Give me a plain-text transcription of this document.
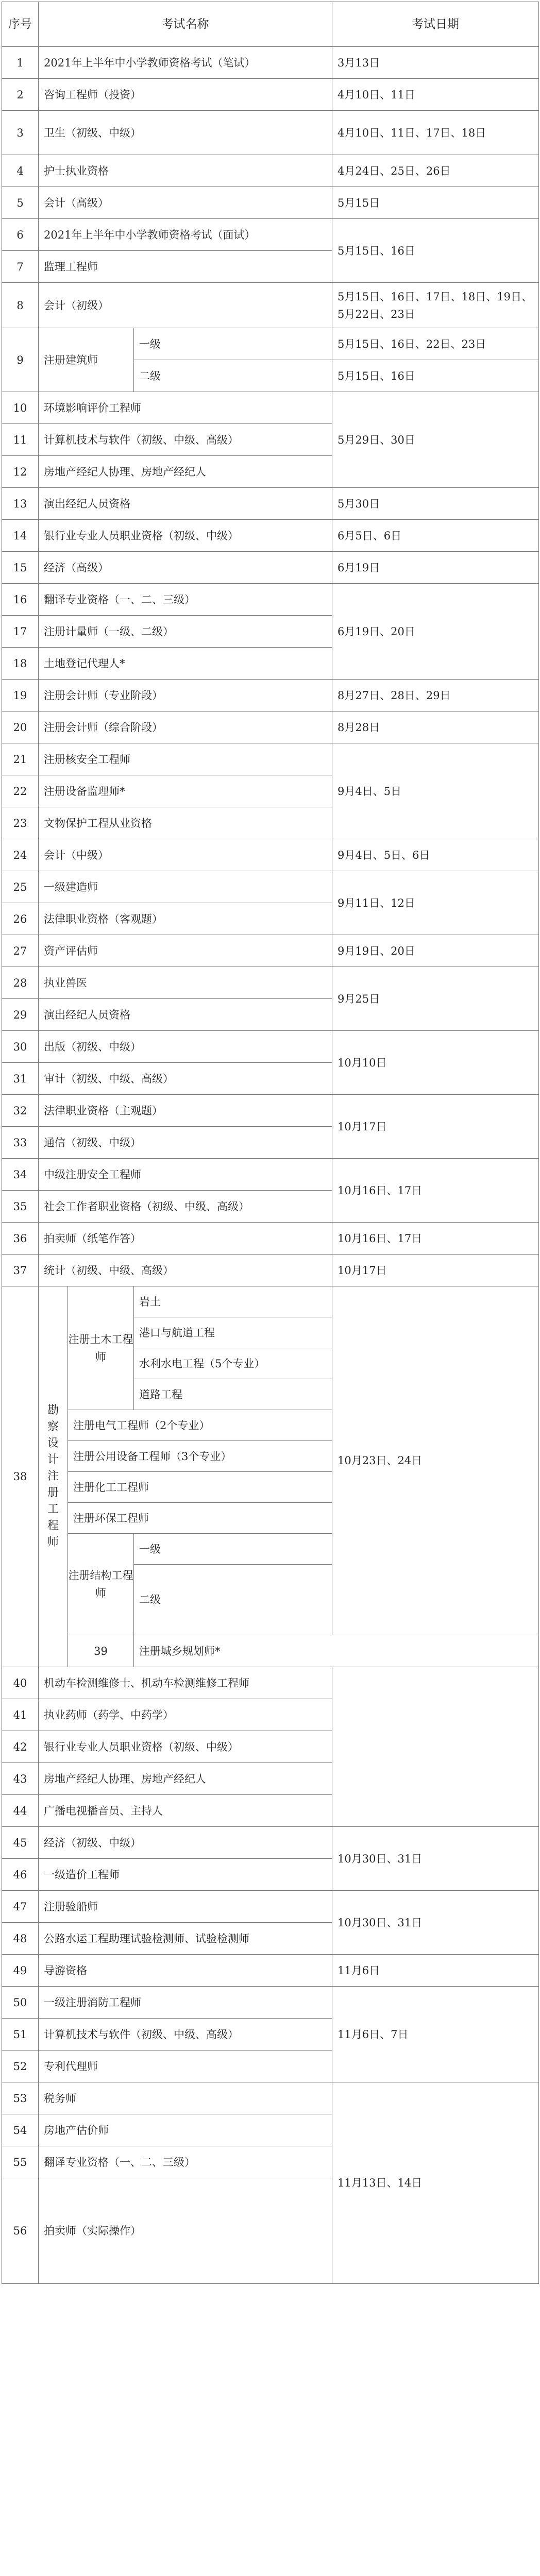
序号	考试名称			考试日期	
1	2021年上半年中小学教师资格考试（笔试）			3月13日	
2	咨询工程师（投资）			4月10日、11日	
3	卫生（初级、中级）			4月10日、11日、17日、18日	
4	护士执业资格			4月24日、25日、26日	
5	会计（高级）			5月15日	
6	2021年上半年中小学教师资格考试（面试）			5月15日、16日	
7	监理工程师				
8	会计（初级）			5月15日、16日、17日、18日、19日、5月22日、23日	
9	注册建筑师		一级	5月15日、16日、22日、23日	
			二级	5月15日、16日	
10	环境影响评价工程师			5月29日、30日	
11	计算机技术与软件（初级、中级、高级）				
12	房地产经纪人协理、房地产经纪人				
13	演出经纪人员资格			5月30日	
14	银行业专业人员职业资格（初级、中级）			6月5日、6日	
15	经济（高级）			6月19日	
16	翻译专业资格（一、二、三级）			6月19日、20日	
17	注册计量师（一级、二级）				
18	土地登记代理人*				
19	注册会计师（专业阶段）			8月27日、28日、29日	
20	注册会计师（综合阶段）			8月28日	
21	注册核安全工程师			9月4日、5日	
22	注册设备监理师*				
23	文物保护工程从业资格				
24	会计（中级）			9月4日、5日、6日	
25	一级建造师			9月11日、12日	
26	法律职业资格（客观题）				
27	资产评估师			9月19日、20日	
28	执业兽医			9月25日	
29	演出经纪人员资格				
30	出版（初级、中级）			10月10日	
31	审计（初级、中级、高级）				
32	法律职业资格（主观题）			10月17日	
33	通信（初级、中级）				
34	中级注册安全工程师			10月16日、17日	
35	社会工作者职业资格（初级、中级、高级）				
36	拍卖师（纸笔作答）			10月16日、17日	
37	统计（初级、中级、高级）			10月17日	
38	勘察设计注册工程师	注册土木工程师	岩土	10月23日、24日	
			港口与航道工程		
			水利水电工程（5个专业）		
			道路工程		
		注册电气工程师（2个专业）			
		注册公用设备工程师（3个专业）			
		注册化工工程师			
		注册环保工程师			
		注册结构工程师	一级		
			二级	
		39	注册城乡规划师*	
40	机动车检测维修士、机动车检测维修工程师				
41	执业药师（药学、中药学）				
42	银行业专业人员职业资格（初级、中级）				
43	房地产经纪人协理、房地产经纪人				
44	广播电视播音员、主持人				
45	经济（初级、中级）			10月30日、31日	
46	一级造价工程师				
47	注册验船师			10月30日、31日	
48	公路水运工程助理试验检测师、试验检测师				
49	导游资格			11月6日	
50	一级注册消防工程师			11月6日、7日	
51	计算机技术与软件（初级、中级、高级）				
52	专利代理师				
53	税务师			11月13日、14日	
54	房地产估价师				
55	翻译专业资格（一、二、三级）				
56	拍卖师（实际操作）	
